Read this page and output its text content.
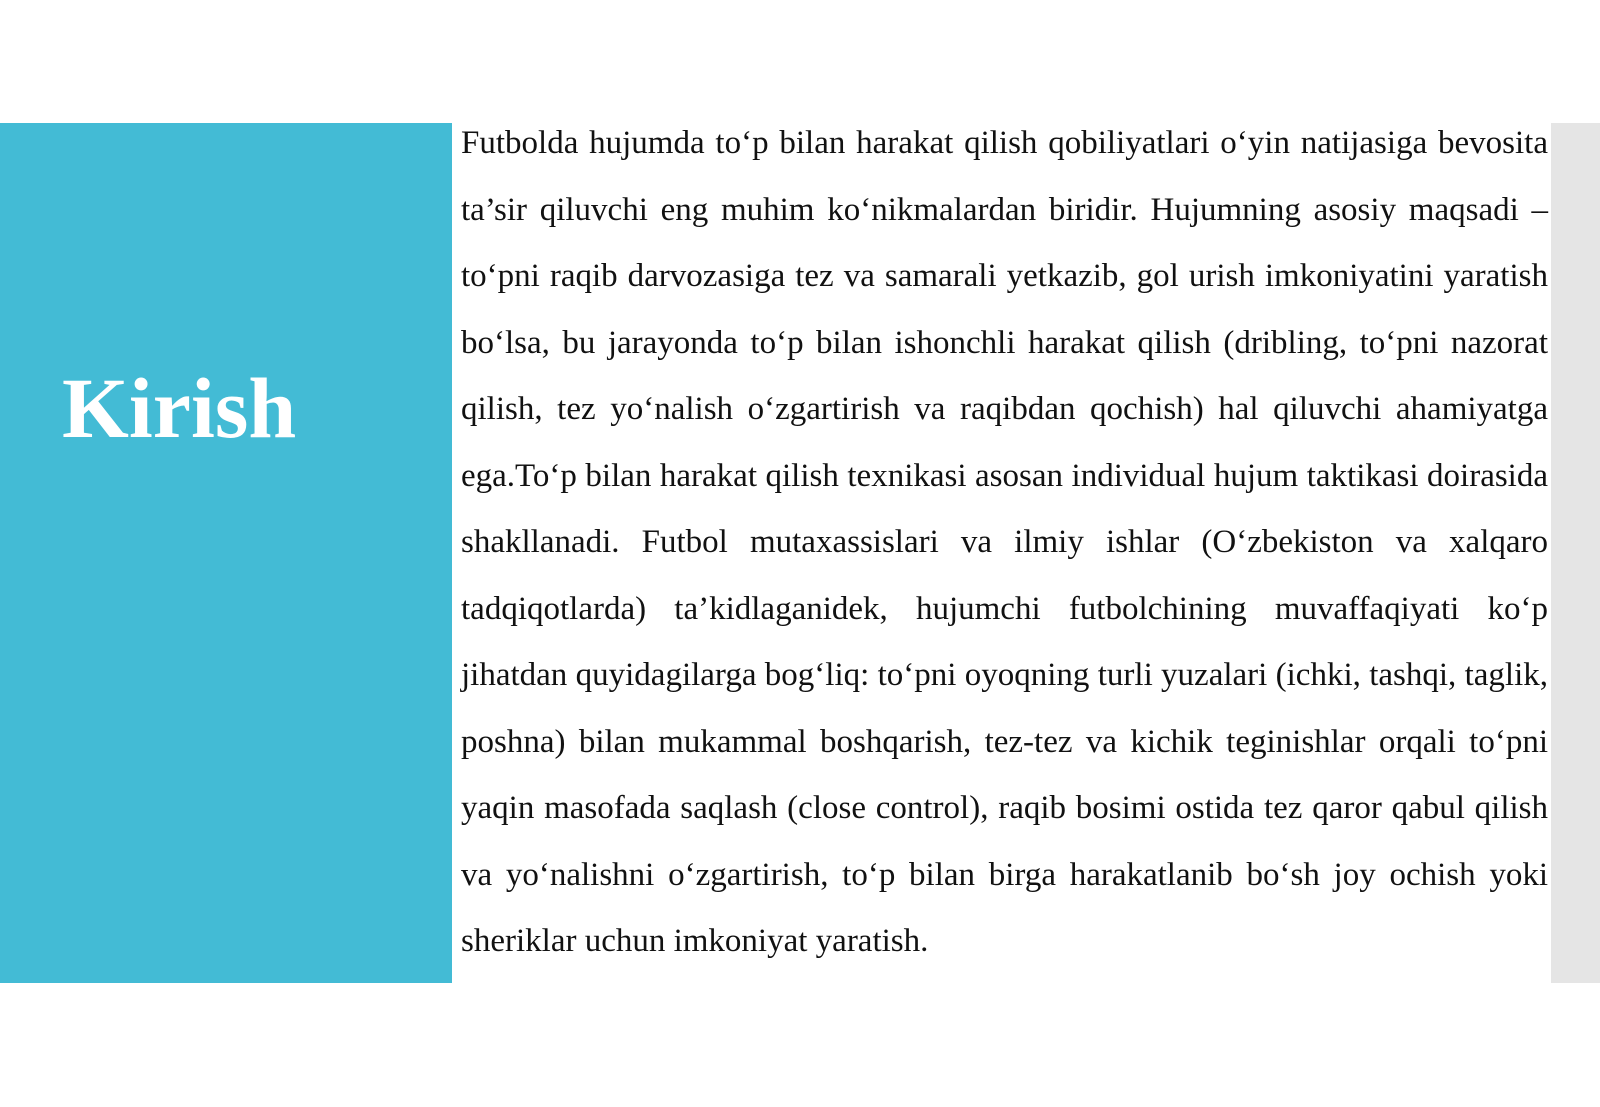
Kirish

Futbolda hujumda to‘p bilan harakat qilish qobiliyatlari o‘yin natijasiga bevosita ta’sir qiluvchi eng muhim ko‘nikmalardan biridir. Hujumning asosiy maqsadi – to‘pni raqib darvozasiga tez va samarali yetkazib, gol urish imkoniyatini yaratish bo‘lsa, bu jarayonda to‘p bilan ishonchli harakat qilish (dribling, to‘pni nazorat qilish, tez yo‘nalish o‘zgartirish va raqibdan qochish) hal qiluvchi ahamiyatga ega.To‘p bilan harakat qilish texnikasi asosan individual hujum taktikasi doirasida shakllanadi. Futbol mutaxassislari va ilmiy ishlar (O‘zbekiston va xalqaro tadqiqotlarda) ta’kidlaganidek, hujumchi futbolchining muvaffaqiyati ko‘p jihatdan quyidagilarga bog‘liq: to‘pni oyoqning turli yuzalari (ichki, tashqi, taglik, poshna) bilan mukammal boshqarish, tez-tez va kichik teginishlar orqali to‘pni yaqin masofada saqlash (close control), raqib bosimi ostida tez qaror qabul qilish va yo‘nalishni o‘zgartirish, to‘p bilan birga harakatlanib bo‘sh joy ochish yoki sheriklar uchun imkoniyat yaratish.
